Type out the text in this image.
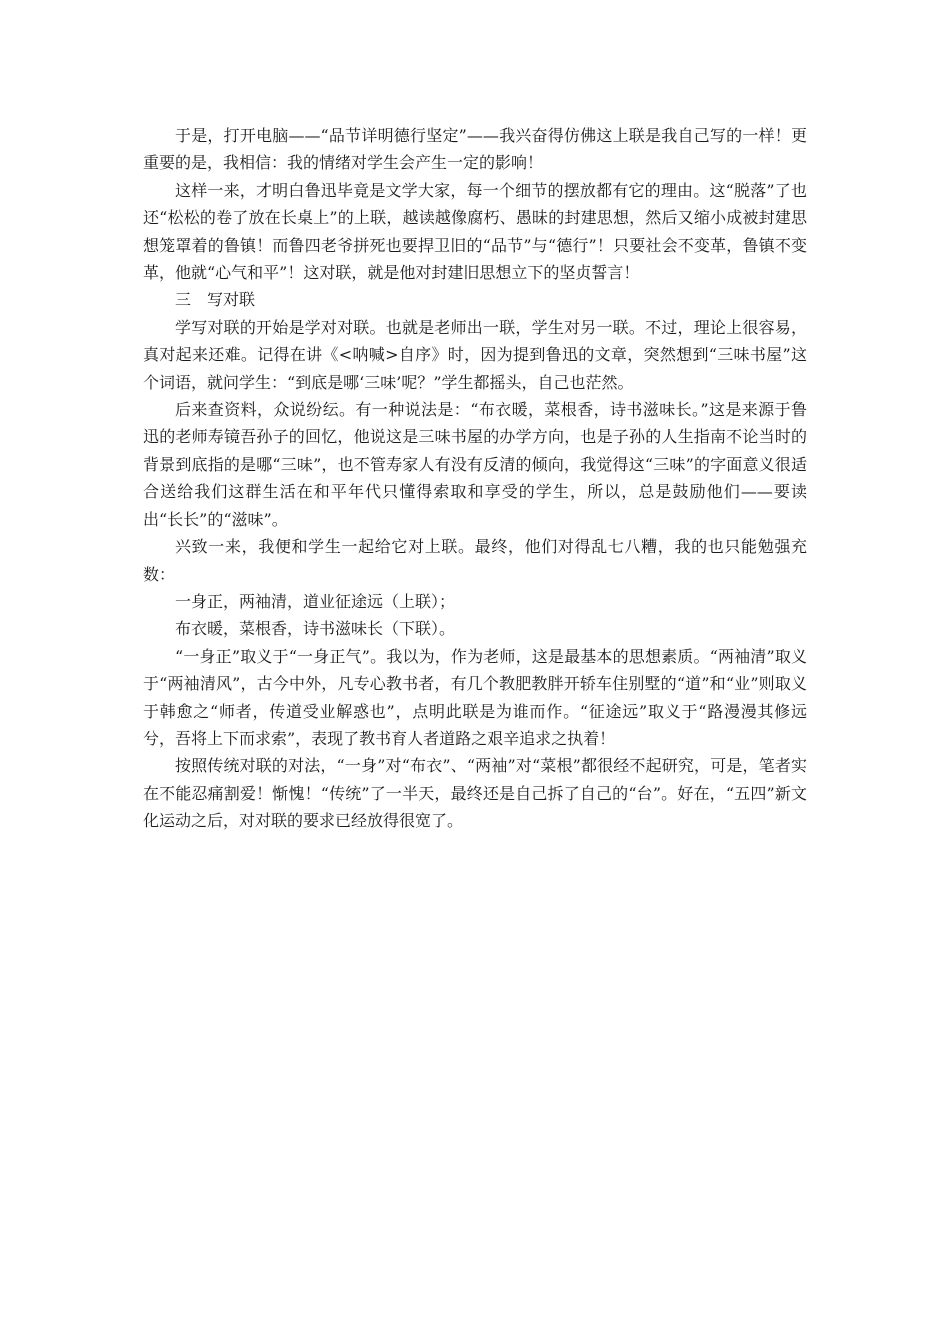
于是，打开电脑——“品节详明德行坚定”——我兴奋得仿佛这上联是我自己写的一样！更重要的是，我相信：我的情绪对学生会产生一定的影响！

这样一来，才明白鲁迅毕竟是文学大家，每一个细节的摆放都有它的理由。这“脱落”了也还“松松的卷了放在长桌上”的上联，越读越像腐朽、愚昧的封建思想，然后又缩小成被封建思想笼罩着的鲁镇！而鲁四老爷拼死也要捍卫旧的“品节”与“德行”！只要社会不变革，鲁镇不变革，他就“心气和平”！这对联，就是他对封建旧思想立下的坚贞誓言！

三　写对联

学写对联的开始是学对对联。也就是老师出一联，学生对另一联。不过，理论上很容易，真对起来还难。记得在讲《<呐喊>自序》时，因为提到鲁迅的文章，突然想到“三味书屋”这个词语，就问学生：“到底是哪‘三味’呢？”学生都摇头，自己也茫然。

后来查资料，众说纷纭。有一种说法是：“布衣暖，菜根香，诗书滋味长。”这是来源于鲁迅的老师寿镜吾孙子的回忆，他说这是三味书屋的办学方向，也是子孙的人生指南不论当时的背景到底指的是哪“三味”，也不管寿家人有没有反清的倾向，我觉得这“三味”的字面意义很适合送给我们这群生活在和平年代只懂得索取和享受的学生，所以，总是鼓励他们——要读出“长长”的“滋味”。

兴致一来，我便和学生一起给它对上联。最终，他们对得乱七八糟，我的也只能勉强充数：

一身正，两袖清，道业征途远（上联）；

布衣暖，菜根香，诗书滋味长（下联）。

“一身正”取义于“一身正气”。我以为，作为老师，这是最基本的思想素质。“两袖清”取义于“两袖清风”，古今中外，凡专心教书者，有几个教肥教胖开轿车住别墅的“道”和“业”则取义于韩愈之“师者，传道受业解惑也”，点明此联是为谁而作。“征途远”取义于“路漫漫其修远兮，吾将上下而求索”，表现了教书育人者道路之艰辛追求之执着！

按照传统对联的对法，“一身”对“布衣”、“两袖”对“菜根”都很经不起研究，可是，笔者实在不能忍痛割爱！惭愧！“传统”了一半天，最终还是自己拆了自己的“台”。好在，“五四”新文化运动之后，对对联的要求已经放得很宽了。
